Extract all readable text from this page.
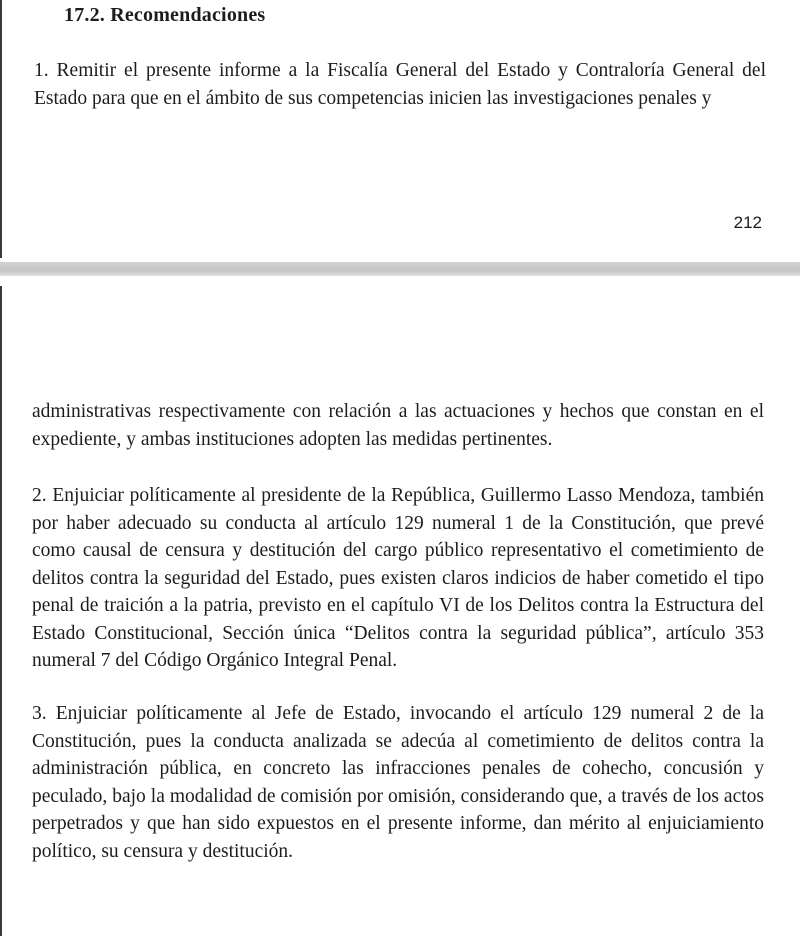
17.2. Recomendaciones

1. Remitir el presente informe a la Fiscalía General del Estado y Contraloría General del Estado para que en el ámbito de sus competencias inicien las investigaciones penales y

212

administrativas respectivamente con relación a las actuaciones y hechos que constan en el expediente, y ambas instituciones adopten las medidas pertinentes.

2. Enjuiciar políticamente al presidente de la República, Guillermo Lasso Mendoza, también por haber adecuado su conducta al artículo 129 numeral 1 de la Constitución, que prevé como causal de censura y destitución del cargo público representativo el cometimiento de delitos contra la seguridad del Estado, pues existen claros indicios de haber cometido el tipo penal de traición a la patria, previsto en el capítulo VI de los Delitos contra la Estructura del Estado Constitucional, Sección única “Delitos contra la seguridad pública”, artículo 353 numeral 7 del Código Orgánico Integral Penal.

3. Enjuiciar políticamente al Jefe de Estado, invocando el artículo 129 numeral 2 de la Constitución, pues la conducta analizada se adecúa al cometimiento de delitos contra la administración pública, en concreto las infracciones penales de cohecho, concusión y peculado, bajo la modalidad de comisión por omisión, considerando que, a través de los actos perpetrados y que han sido expuestos en el presente informe, dan mérito al enjuiciamiento político, su censura y destitución.
